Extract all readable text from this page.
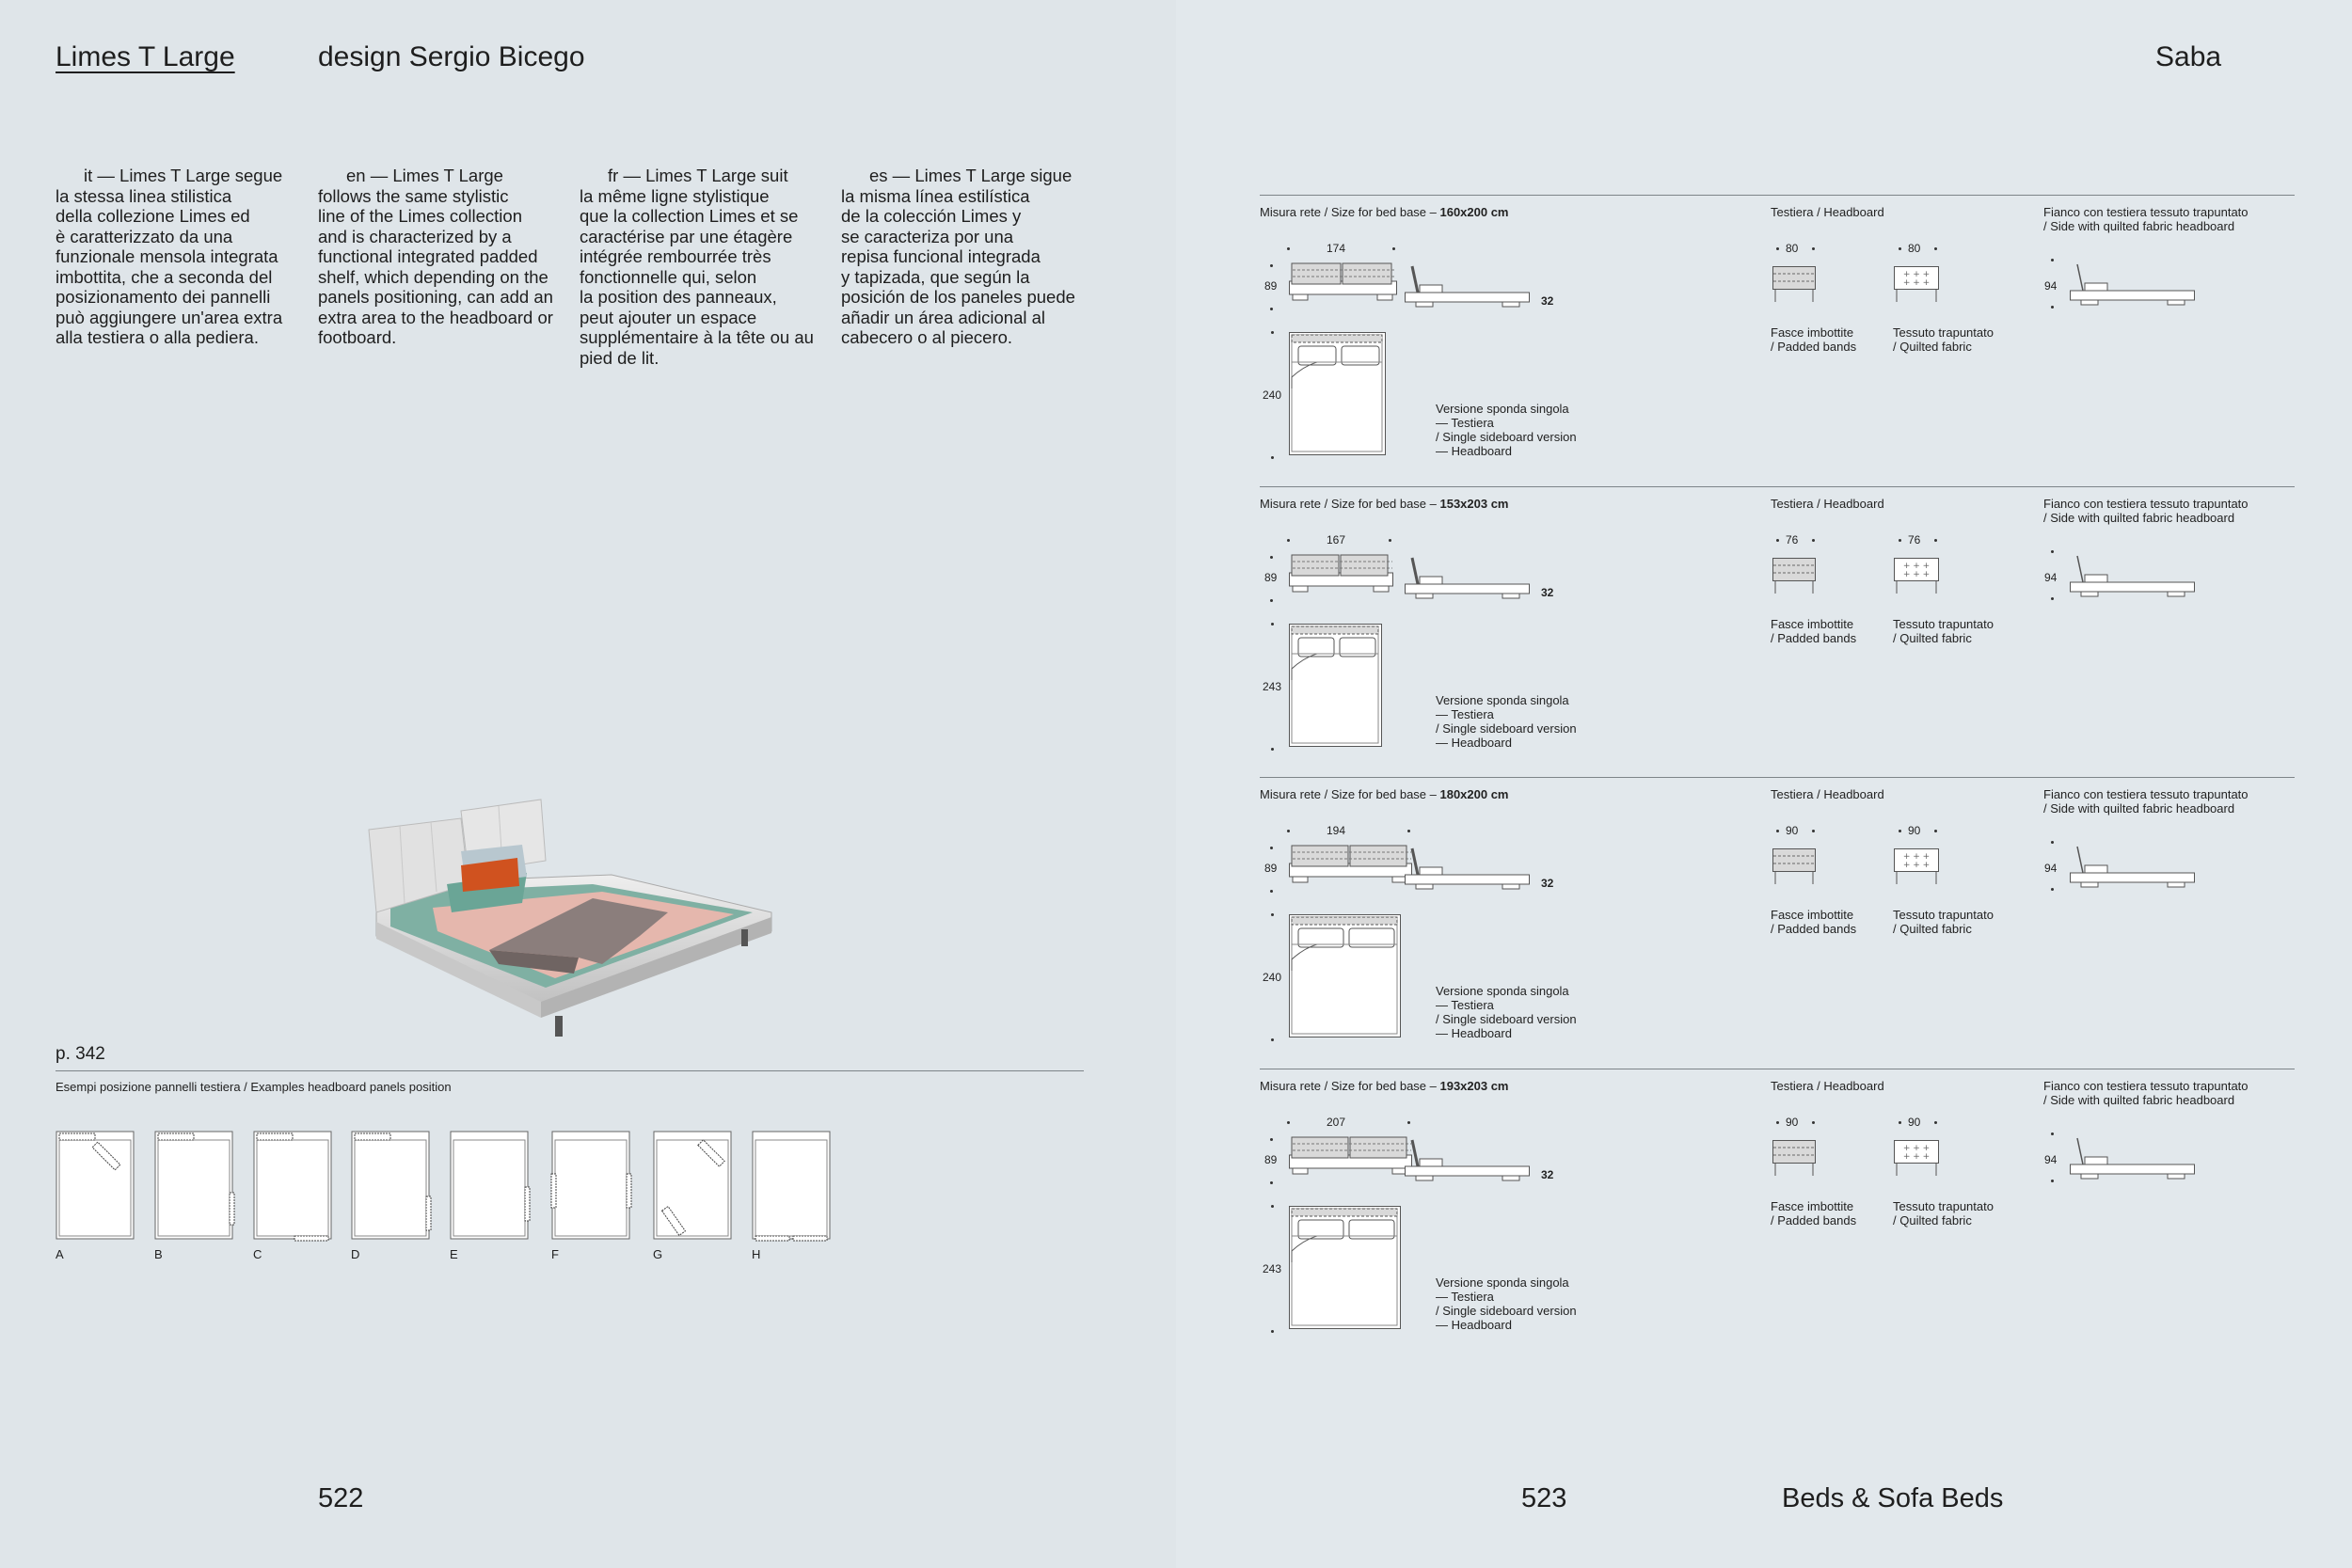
Limes T Large	design Sergio Bicego
it — Limes T Large segue
la stessa linea stilistica
della collezione Limes ed
è caratterizzato da una
funzionale mensola integrata
imbottita, che a seconda del
posizionamento dei pannelli
può aggiungere un'area extra
alla testiera o alla pediera.
en — Limes T Large
follows the same stylistic
line of the Limes collection
and is characterized by a
functional integrated padded
shelf, which depending on the
panels positioning, can add an
extra area to the headboard or
footboard.
fr — Limes T Large suit
la même ligne stylistique
que la collection Limes et se
caractérise par une étagère
intégrée rembourrée très
fonctionnelle qui, selon
la position des panneaux,
peut ajouter un espace
supplémentaire à la tête ou au
pied de lit.
es — Limes T Large sigue
la misma línea estilística
de la colección Limes y
se caracteriza por una
repisa funcional integrada
y tapizada, que según la
posición de los paneles puede
añadir un área adicional al
cabecero o al piecero.
p. 342
Esempi posizione pannelli testiera / Examples headboard panels position
A	B	C	D	E	F	G	H
522
Saba
Misura rete / Size for bed base – 160x200 cm	Testiera / Headboard	Fianco con testiera tessuto trapuntato
/ Side with quilted fabric headboard
174
89
32
240
Versione sponda singola
— Testiera
/ Single sideboard version
— Headboard
80
Fasce imbottite
/ Padded bands
80
+ + +
+ + +
Tessuto trapuntato
/ Quilted fabric
94
Misura rete / Size for bed base – 153x203 cm	Testiera / Headboard	Fianco con testiera tessuto trapuntato
/ Side with quilted fabric headboard
167
89
32
243
Versione sponda singola
— Testiera
/ Single sideboard version
— Headboard
76
Fasce imbottite
/ Padded bands
76
+ + +
+ + +
Tessuto trapuntato
/ Quilted fabric
94
Misura rete / Size for bed base – 180x200 cm	Testiera / Headboard	Fianco con testiera tessuto trapuntato
/ Side with quilted fabric headboard
194
89
32
240
Versione sponda singola
— Testiera
/ Single sideboard version
— Headboard
90
Fasce imbottite
/ Padded bands
90
+ + +
+ + +
Tessuto trapuntato
/ Quilted fabric
94
Misura rete / Size for bed base – 193x203 cm	Testiera / Headboard	Fianco con testiera tessuto trapuntato
/ Side with quilted fabric headboard
207
89
32
243
Versione sponda singola
— Testiera
/ Single sideboard version
— Headboard
90
Fasce imbottite
/ Padded bands
90
+ + +
+ + +
Tessuto trapuntato
/ Quilted fabric
94
523	Beds & Sofa Beds
